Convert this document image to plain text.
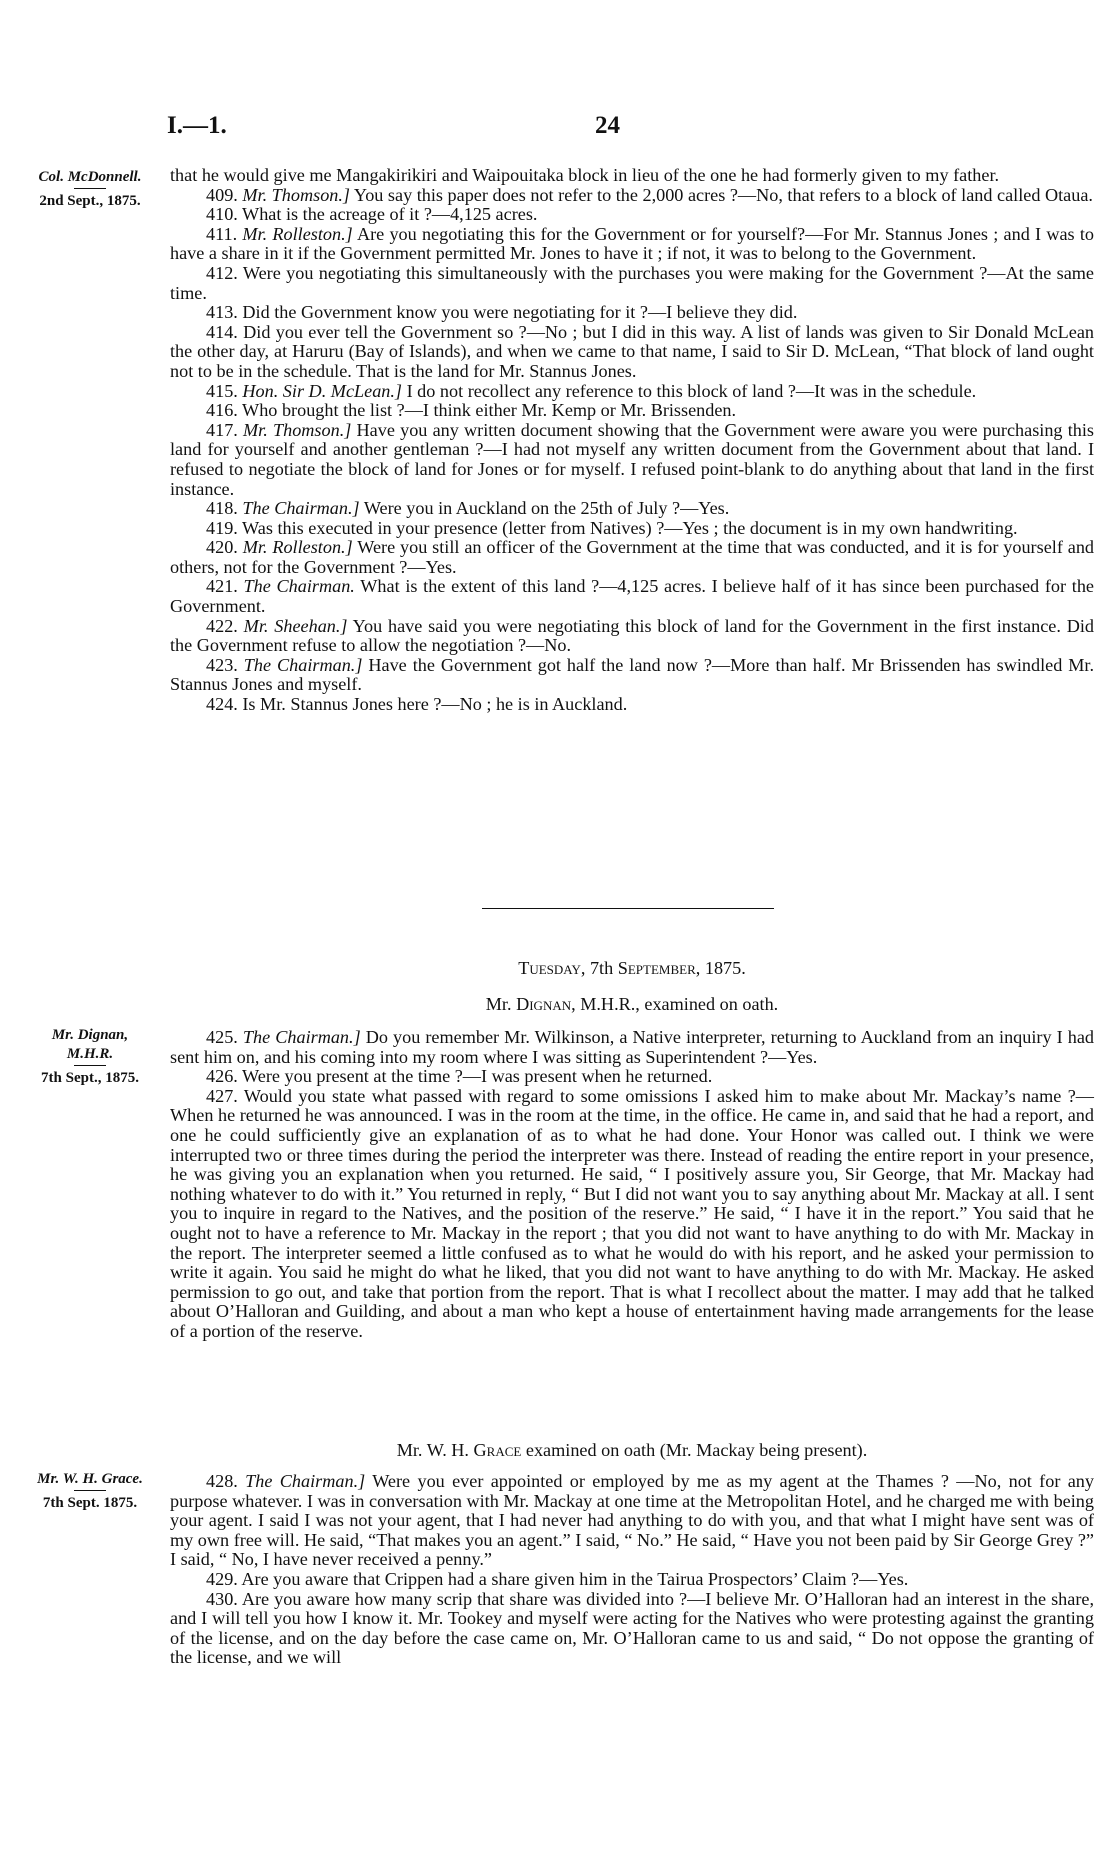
I.—1.	24
Col. McDonnell.
2nd Sept., 1875.

that he would give me Mangakirikiri and Waipouitaka block in lieu of the one he had formerly given to my father.

409. Mr. Thomson.] You say this paper does not refer to the 2,000 acres ?—No, that refers to a block of land called Otaua.

410. What is the acreage of it ?—4,125 acres.

411. Mr. Rolleston.] Are you negotiating this for the Government or for yourself?—For Mr. Stannus Jones ; and I was to have a share in it if the Government permitted Mr. Jones to have it ; if not, it was to belong to the Government.

412. Were you negotiating this simultaneously with the purchases you were making for the Government ?—At the same time.

413. Did the Government know you were negotiating for it ?—I believe they did.

414. Did you ever tell the Government so ?—No ; but I did in this way. A list of lands was given to Sir Donald McLean the other day, at Haruru (Bay of Islands), and when we came to that name, I said to Sir D. McLean, “That block of land ought not to be in the schedule. That is the land for Mr. Stannus Jones.

415. Hon. Sir D. McLean.] I do not recollect any reference to this block of land ?—It was in the schedule.

416. Who brought the list ?—I think either Mr. Kemp or Mr. Brissenden.

417. Mr. Thomson.] Have you any written document showing that the Government were aware you were purchasing this land for yourself and another gentleman ?—I had not myself any written document from the Government about that land. I refused to negotiate the block of land for Jones or for myself. I refused point-blank to do anything about that land in the first instance.

418. The Chairman.] Were you in Auckland on the 25th of July ?—Yes.

419. Was this executed in your presence (letter from Natives) ?—Yes ; the document is in my own handwriting.

420. Mr. Rolleston.] Were you still an officer of the Government at the time that was conducted, and it is for yourself and others, not for the Government ?—Yes.

421. The Chairman. What is the extent of this land ?—4,125 acres. I believe half of it has since been purchased for the Government.

422. Mr. Sheehan.] You have said you were negotiating this block of land for the Government in the first instance. Did the Government refuse to allow the negotiation ?—No.

423. The Chairman.] Have the Government got half the land now ?—More than half. Mr Brissenden has swindled Mr. Stannus Jones and myself.

424. Is Mr. Stannus Jones here ?—No ; he is in Auckland.

Tuesday, 7th September, 1875.
Mr. Dignan, M.H.R., examined on oath.
Mr. Dignan,
M.H.R.
7th Sept., 1875.

425. The Chairman.] Do you remember Mr. Wilkinson, a Native interpreter, returning to Auckland from an inquiry I had sent him on, and his coming into my room where I was sitting as Superintendent ?—Yes.

426. Were you present at the time ?—I was present when he returned.

427. Would you state what passed with regard to some omissions I asked him to make about Mr. Mackay’s name ?—When he returned he was announced. I was in the room at the time, in the office. He came in, and said that he had a report, and one he could sufficiently give an explanation of as to what he had done. Your Honor was called out. I think we were interrupted two or three times during the period the interpreter was there. Instead of reading the entire report in your presence, he was giving you an explanation when you returned. He said, “ I positively assure you, Sir George, that Mr. Mackay had nothing whatever to do with it.” You returned in reply, “ But I did not want you to say anything about Mr. Mackay at all. I sent you to inquire in regard to the Natives, and the position of the reserve.” He said, “ I have it in the report.” You said that he ought not to have a reference to Mr. Mackay in the report ; that you did not want to have anything to do with Mr. Mackay in the report. The interpreter seemed a little confused as to what he would do with his report, and he asked your permission to write it again. You said he might do what he liked, that you did not want to have anything to do with Mr. Mackay. He asked permission to go out, and take that portion from the report. That is what I recollect about the matter. I may add that he talked about O’Halloran and Guilding, and about a man who kept a house of entertainment having made arrangements for the lease of a portion of the reserve.

Mr. W. H. Grace examined on oath (Mr. Mackay being present).
Mr. W. H. Grace.
7th Sept. 1875.

428. The Chairman.] Were you ever appointed or employed by me as my agent at the Thames ? —No, not for any purpose whatever. I was in conversation with Mr. Mackay at one time at the Metropolitan Hotel, and he charged me with being your agent. I said I was not your agent, that I had never had anything to do with you, and that what I might have sent was of my own free will. He said, “That makes you an agent.” I said, “ No.” He said, “ Have you not been paid by Sir George Grey ?” I said, “ No, I have never received a penny.”

429. Are you aware that Crippen had a share given him in the Tairua Prospectors’ Claim ?—Yes.

430. Are you aware how many scrip that share was divided into ?—I believe Mr. O’Halloran had an interest in the share, and I will tell you how I know it. Mr. Tookey and myself were acting for the Natives who were protesting against the granting of the license, and on the day before the case came on, Mr. O’Halloran came to us and said, “ Do not oppose the granting of the license, and we will
